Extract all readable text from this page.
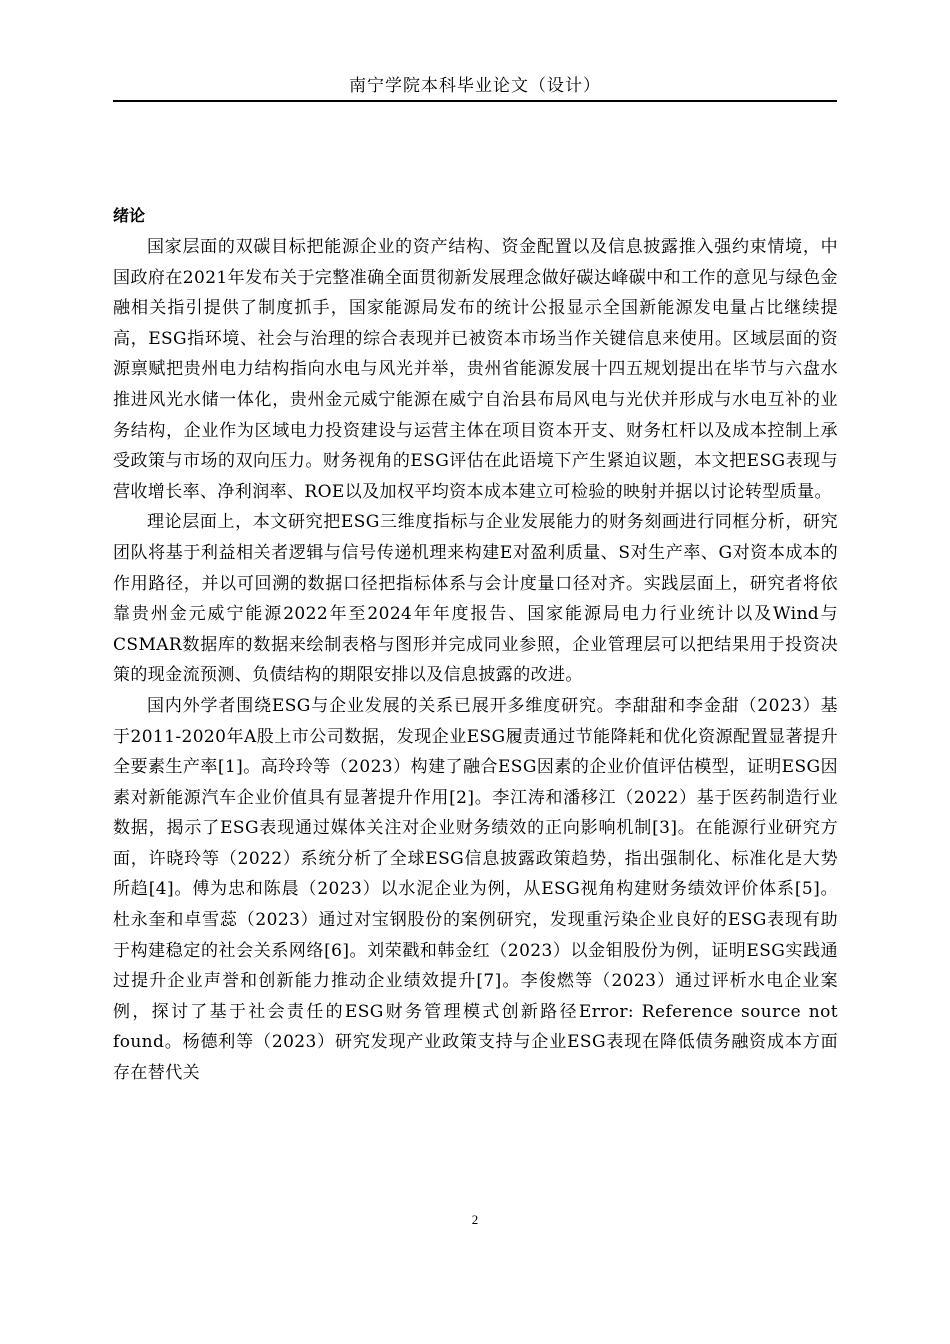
南宁学院本科毕业论文（设计）
绪论

国家层面的双碳目标把能源企业的资产结构、资金配置以及信息披露推入强约束情境，中国政府在2021年发布关于完整准确全面贯彻新发展理念做好碳达峰碳中和工作的意见与绿色金融相关指引提供了制度抓手，国家能源局发布的统计公报显示全国新能源发电量占比继续提高，ESG指环境、社会与治理的综合表现并已被资本市场当作关键信息来使用。区域层面的资源禀赋把贵州电力结构指向水电与风光并举，贵州省能源发展十四五规划提出在毕节与六盘水推进风光水储一体化，贵州金元威宁能源在威宁自治县布局风电与光伏并形成与水电互补的业务结构，企业作为区域电力投资建设与运营主体在项目资本开支、财务杠杆以及成本控制上承受政策与市场的双向压力。财务视角的ESG评估在此语境下产生紧迫议题，本文把ESG表现与营收增长率、净利润率、ROE以及加权平均资本成本建立可检验的映射并据以讨论转型质量。

理论层面上，本文研究把ESG三维度指标与企业发展能力的财务刻画进行同框分析，研究团队将基于利益相关者逻辑与信号传递机理来构建E对盈利质量、S对生产率、G对资本成本的作用路径，并以可回溯的数据口径把指标体系与会计度量口径对齐。实践层面上，研究者将依靠贵州金元威宁能源2022年至2024年年度报告、国家能源局电力行业统计以及Wind与CSMAR数据库的数据来绘制表格与图形并完成同业参照，企业管理层可以把结果用于投资决策的现金流预测、负债结构的期限安排以及信息披露的改进。

国内外学者围绕ESG与企业发展的关系已展开多维度研究。李甜甜和李金甜（2023）基于2011-2020年A股上市公司数据，发现企业ESG履责通过节能降耗和优化资源配置显著提升全要素生产率[1]。高玲玲等（2023）构建了融合ESG因素的企业价值评估模型，证明ESG因素对新能源汽车企业价值具有显著提升作用[2]。李江涛和潘移江（2022）基于医药制造行业数据，揭示了ESG表现通过媒体关注对企业财务绩效的正向影响机制[3]。在能源行业研究方面，许晓玲等（2022）系统分析了全球ESG信息披露政策趋势，指出强制化、标准化是大势所趋[4]。傅为忠和陈晨（2023）以水泥企业为例，从ESG视角构建财务绩效评价体系[5]。杜永奎和卓雪蕊（2023）通过对宝钢股份的案例研究，发现重污染企业良好的ESG表现有助于构建稳定的社会关系网络[6]。刘荣戳和韩金红（2023）以金钼股份为例，证明ESG实践通过提升企业声誉和创新能力推动企业绩效提升[7]。李俊燃等（2023）通过评析水电企业案例，探讨了基于社会责任的ESG财务管理模式创新路径Error: Reference source not found。杨德利等（2023）研究发现产业政策支持与企业ESG表现在降低债务融资成本方面存在替代关

2
